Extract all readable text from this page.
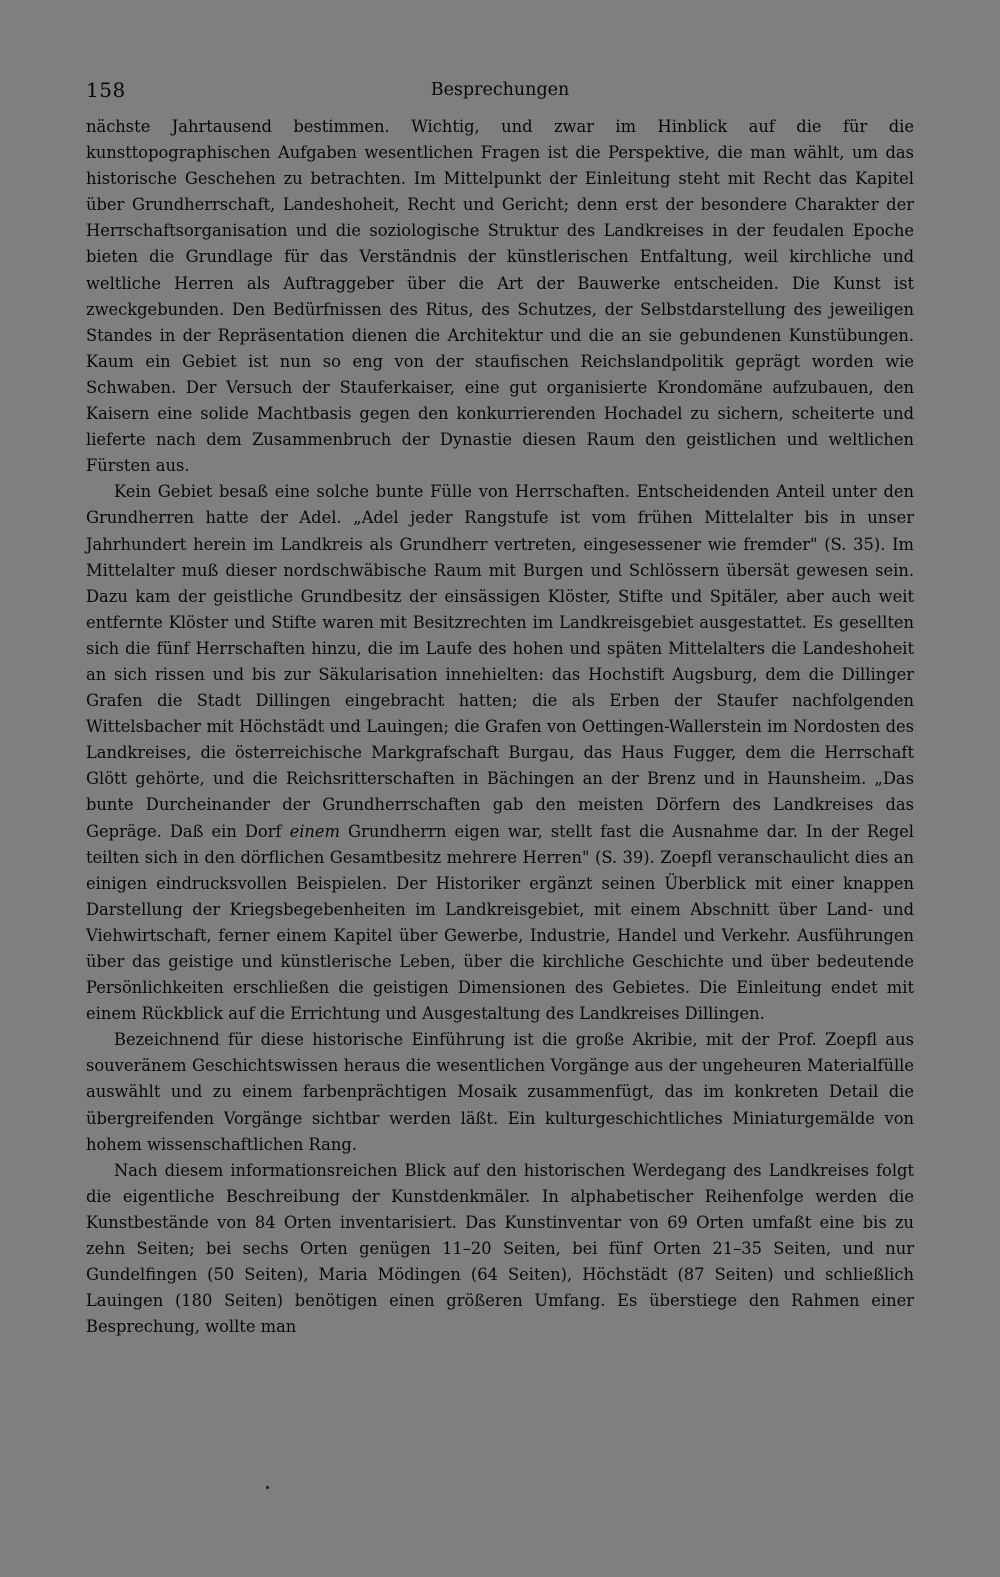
158	Besprechungen

nächste Jahrtausend bestimmen. Wichtig, und zwar im Hinblick auf die für die kunsttopographischen Aufgaben wesentlichen Fragen ist die Perspektive, die man wählt, um das historische Geschehen zu betrachten. Im Mittelpunkt der Einleitung steht mit Recht das Kapitel über Grundherrschaft, Landeshoheit, Recht und Gericht; denn erst der besondere Charakter der Herrschaftsorganisation und die soziologische Struktur des Landkreises in der feudalen Epoche bieten die Grundlage für das Verständnis der künstlerischen Entfaltung, weil kirchliche und weltliche Herren als Auftraggeber über die Art der Bauwerke entscheiden. Die Kunst ist zweckgebunden. Den Bedürfnissen des Ritus, des Schutzes, der Selbstdarstellung des jeweiligen Standes in der Repräsentation dienen die Architektur und die an sie gebundenen Kunstübungen. Kaum ein Gebiet ist nun so eng von der staufischen Reichslandpolitik geprägt worden wie Schwaben. Der Versuch der Stauferkaiser, eine gut organisierte Krondomäne aufzubauen, den Kaisern eine solide Machtbasis gegen den konkurrierenden Hochadel zu sichern, scheiterte und lieferte nach dem Zusammenbruch der Dynastie diesen Raum den geistlichen und weltlichen Fürsten aus.

Kein Gebiet besaß eine solche bunte Fülle von Herrschaften. Entscheidenden Anteil unter den Grundherren hatte der Adel. „Adel jeder Rangstufe ist vom frühen Mittelalter bis in unser Jahrhundert herein im Landkreis als Grundherr vertreten, eingesessener wie fremder" (S. 35). Im Mittelalter muß dieser nordschwäbische Raum mit Burgen und Schlössern übersät gewesen sein. Dazu kam der geistliche Grundbesitz der einsässigen Klöster, Stifte und Spitäler, aber auch weit entfernte Klöster und Stifte waren mit Besitzrechten im Landkreisgebiet ausgestattet. Es gesellten sich die fünf Herrschaften hinzu, die im Laufe des hohen und späten Mittelalters die Landeshoheit an sich rissen und bis zur Säkularisation innehielten: das Hochstift Augsburg, dem die Dillinger Grafen die Stadt Dillingen eingebracht hatten; die als Erben der Staufer nachfolgenden Wittelsbacher mit Höchstädt und Lauingen; die Grafen von Oettingen-Wallerstein im Nordosten des Landkreises, die österreichische Markgrafschaft Burgau, das Haus Fugger, dem die Herrschaft Glött gehörte, und die Reichsritterschaften in Bächingen an der Brenz und in Haunsheim. „Das bunte Durcheinander der Grundherrschaften gab den meisten Dörfern des Landkreises das Gepräge. Daß ein Dorf einem Grundherrn eigen war, stellt fast die Ausnahme dar. In der Regel teilten sich in den dörflichen Gesamtbesitz mehrere Herren" (S. 39). Zoepfl veranschaulicht dies an einigen eindrucksvollen Beispielen. Der Historiker ergänzt seinen Überblick mit einer knappen Darstellung der Kriegsbegebenheiten im Landkreisgebiet, mit einem Abschnitt über Land- und Viehwirtschaft, ferner einem Kapitel über Gewerbe, Industrie, Handel und Verkehr. Ausführungen über das geistige und künstlerische Leben, über die kirchliche Geschichte und über bedeutende Persönlichkeiten erschließen die geistigen Dimensionen des Gebietes. Die Einleitung endet mit einem Rückblick auf die Errichtung und Ausgestaltung des Landkreises Dillingen.

Bezeichnend für diese historische Einführung ist die große Akribie, mit der Prof. Zoepfl aus souveränem Geschichtswissen heraus die wesentlichen Vorgänge aus der ungeheuren Materialfülle auswählt und zu einem farbenprächtigen Mosaik zusammenfügt, das im konkreten Detail die übergreifenden Vorgänge sichtbar werden läßt. Ein kulturgeschichtliches Miniaturgemälde von hohem wissenschaftlichen Rang.

Nach diesem informationsreichen Blick auf den historischen Werdegang des Landkreises folgt die eigentliche Beschreibung der Kunstdenkmäler. In alphabetischer Reihenfolge werden die Kunstbestände von 84 Orten inventarisiert. Das Kunstinventar von 69 Orten umfaßt eine bis zu zehn Seiten; bei sechs Orten genügen 11–20 Seiten, bei fünf Orten 21–35 Seiten, und nur Gundelfingen (50 Seiten), Maria Mödingen (64 Seiten), Höchstädt (87 Seiten) und schließlich Lauingen (180 Seiten) benötigen einen größeren Umfang. Es überstiege den Rahmen einer Besprechung, wollte man
